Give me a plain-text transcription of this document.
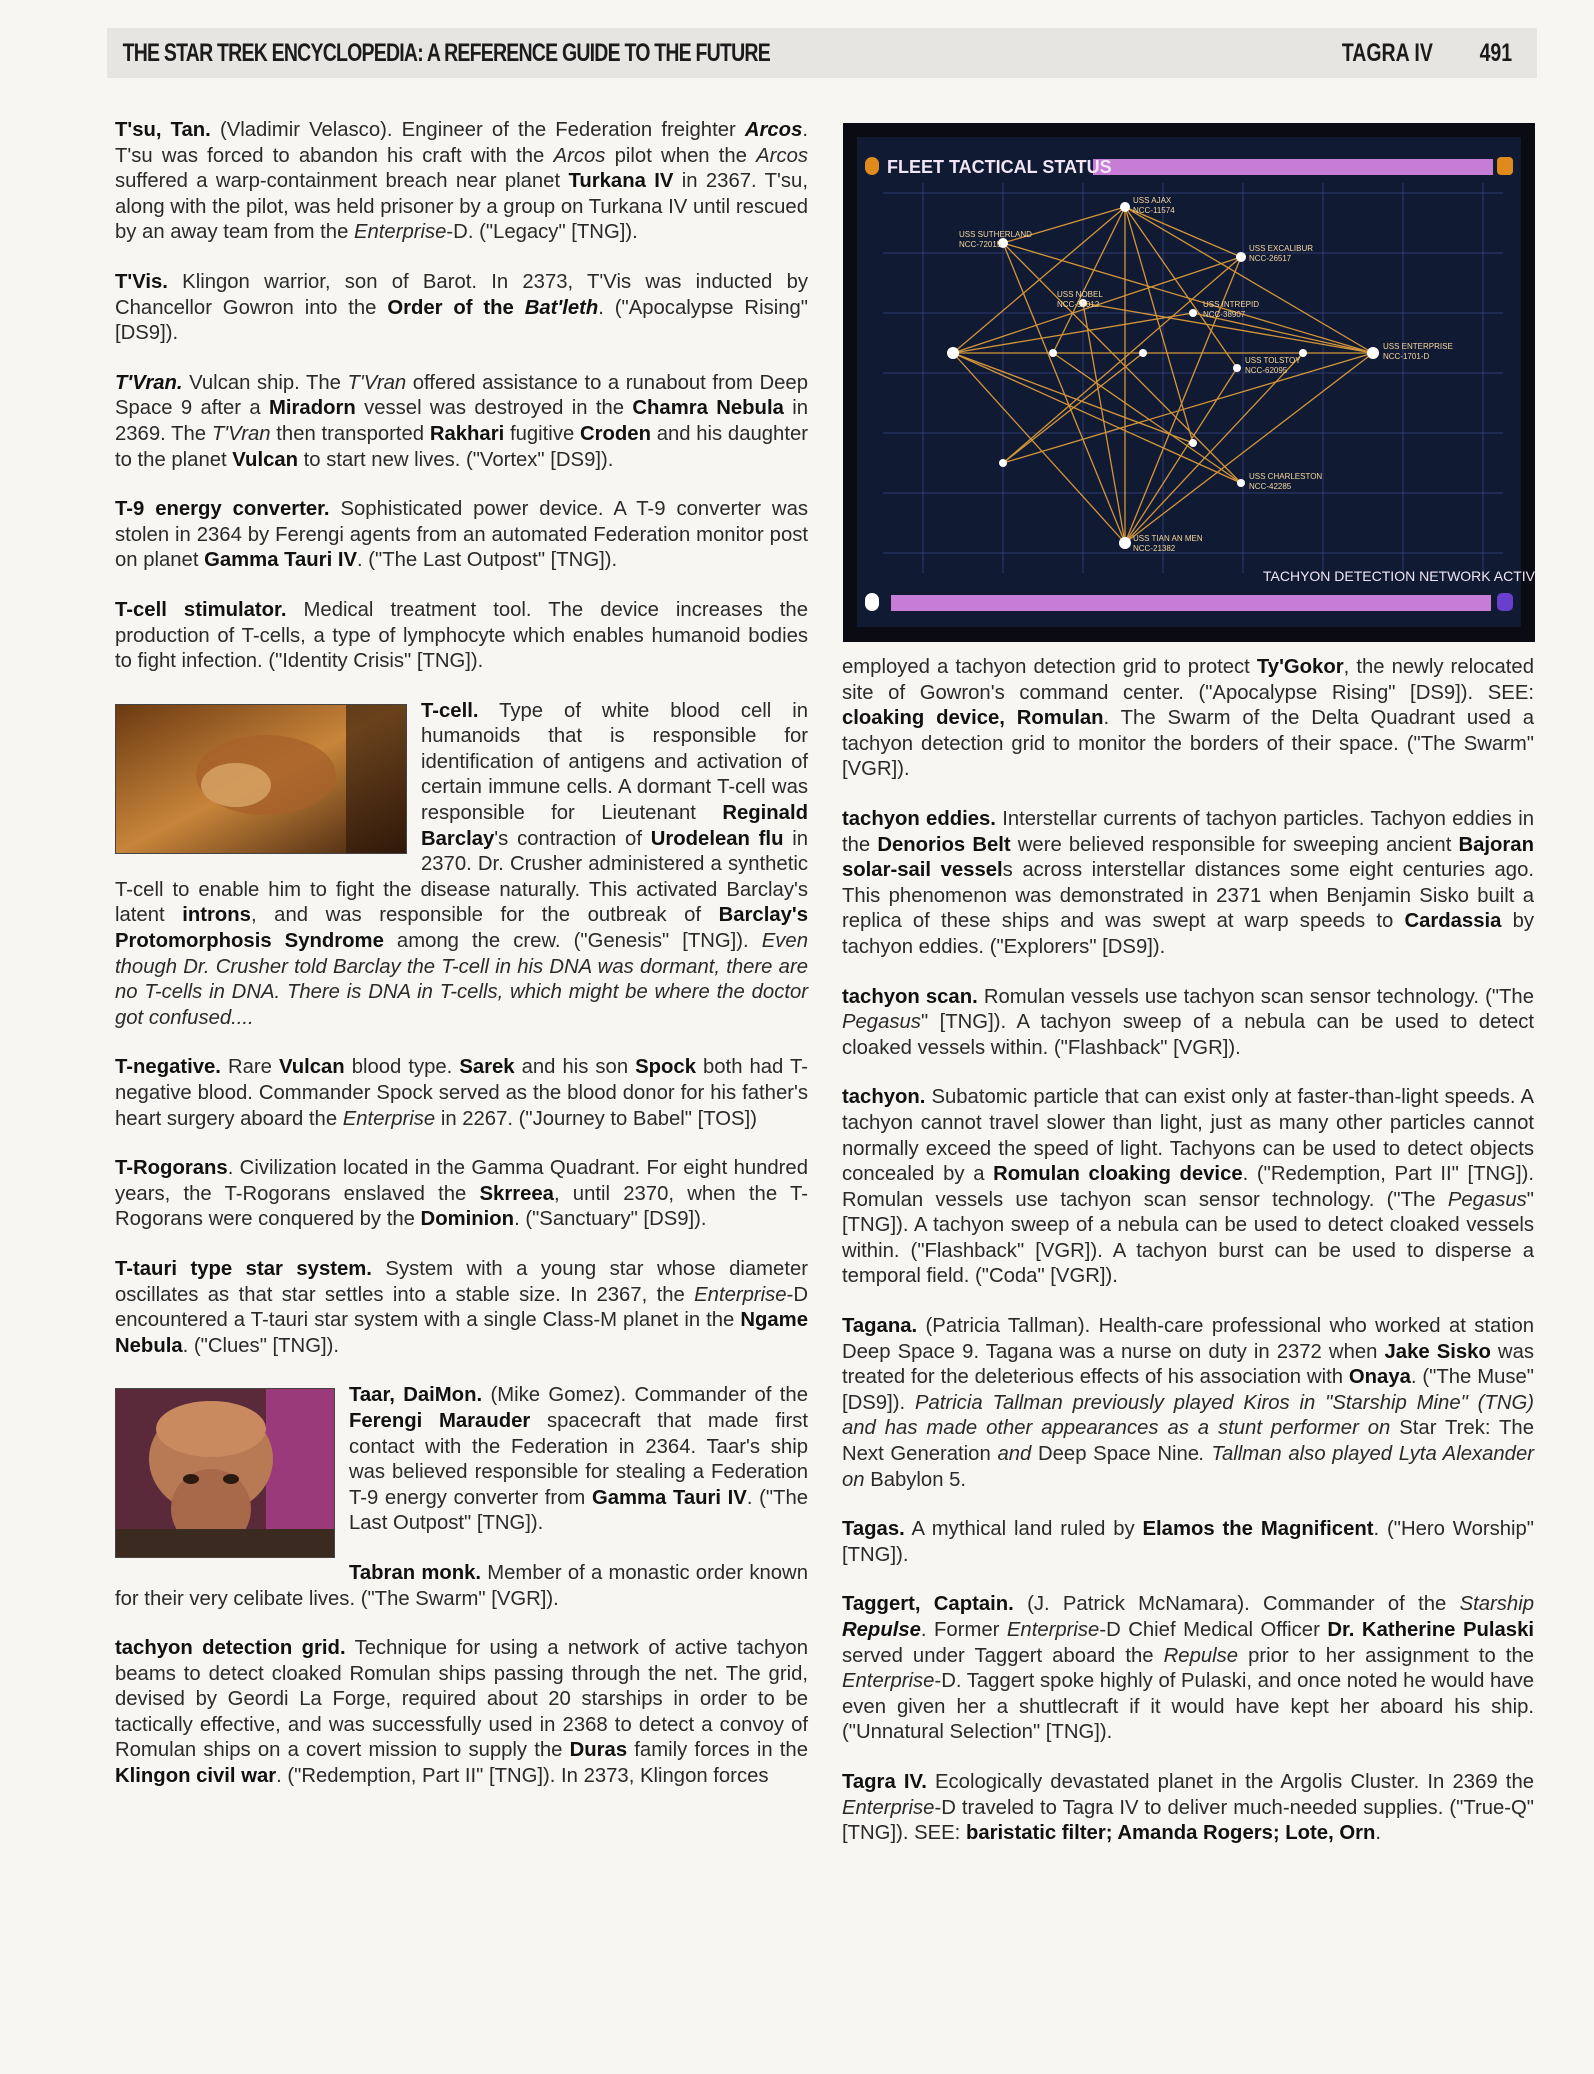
THE STAR TREK ENCYCLOPEDIA: A REFERENCE GUIDE TO THE FUTURE	TAGRA IV 491
FLEET TACTICAL STATUS
USS AJAX
NCC-11574
USS SUTHERLAND
NCC-72015	USS EXCALIBUR
NCC-26517
USS NOBEL
NCC-55012	USS INTREPID
NCC-38907
USS TOLSTOY
NCC-62095
USS ENTERPRISE
NCC-1701-D
USS CHARLESTON
NCC-42285
USS TIAN AN MEN
NCC-21382
TACHYON DETECTION NETWORK ACTIVE

T'su, Tan. (Vladimir Velasco). Engineer of the Federation freighter Arcos. T'su was forced to abandon his craft with the Arcos pilot when the Arcos suffered a warp-containment breach near planet Turkana IV in 2367. T'su, along with the pilot, was held prisoner by a group on Turkana IV until rescued by an away team from the Enterprise-D. ("Legacy" [TNG]).

T'Vis. Klingon warrior, son of Barot. In 2373, T'Vis was inducted by Chancellor Gowron into the Order of the Bat'leth. ("Apocalypse Rising" [DS9]).

T'Vran. Vulcan ship. The T'Vran offered assistance to a runabout from Deep Space 9 after a Miradorn vessel was destroyed in the Chamra Nebula in 2369. The T'Vran then transported Rakhari fugitive Croden and his daughter to the planet Vulcan to start new lives. ("Vortex" [DS9]).

T-9 energy converter. Sophisticated power device. A T-9 converter was stolen in 2364 by Ferengi agents from an automated Federation monitor post on planet Gamma Tauri IV. ("The Last Outpost" [TNG]).

T-cell stimulator. Medical treatment tool. The device increases the production of T-cells, a type of lymphocyte which enables humanoid bodies to fight infection. ("Identity Crisis" [TNG]).

T-cell. Type of white blood cell in humanoids that is responsible for identification of antigens and activation of certain immune cells. A dormant T-cell was responsible for Lieutenant Reginald Barclay's contraction of Urodelean flu in 2370. Dr. Crusher administered a synthetic T-cell to enable him to fight the disease naturally. This activated Barclay's latent introns, and was responsible for the outbreak of Barclay's Protomorphosis Syndrome among the crew. ("Genesis" [TNG]). Even though Dr. Crusher told Barclay the T-cell in his DNA was dormant, there are no T-cells in DNA. There is DNA in T-cells, which might be where the doctor got confused....

T-negative. Rare Vulcan blood type. Sarek and his son Spock both had T-negative blood. Commander Spock served as the blood donor for his father's heart surgery aboard the Enterprise in 2267. ("Journey to Babel" [TOS])

T-Rogorans. Civilization located in the Gamma Quadrant. For eight hundred years, the T-Rogorans enslaved the Skrreea, until 2370, when the T-Rogorans were conquered by the Dominion. ("Sanctuary" [DS9]).

T-tauri type star system. System with a young star whose diameter oscillates as that star settles into a stable size. In 2367, the Enterprise-D encountered a T-tauri star system with a single Class-M planet in the Ngame Nebula. ("Clues" [TNG]).

Taar, DaiMon. (Mike Gomez). Commander of the Ferengi Marauder spacecraft that made first contact with the Federation in 2364. Taar's ship was believed responsible for stealing a Federation T-9 energy converter from Gamma Tauri IV. ("The Last Outpost" [TNG]).

Tabran monk. Member of a monastic order known for their very celibate lives. ("The Swarm" [VGR]).

tachyon detection grid. Technique for using a network of active tachyon beams to detect cloaked Romulan ships passing through the net. The grid, devised by Geordi La Forge, required about 20 starships in order to be tactically effective, and was successfully used in 2368 to detect a convoy of Romulan ships on a covert mission to supply the Duras family forces in the Klingon civil war. ("Redemption, Part II" [TNG]). In 2373, Klingon forces

employed a tachyon detection grid to protect Ty'Gokor, the newly relocated site of Gowron's command center. ("Apocalypse Rising" [DS9]). SEE: cloaking device, Romulan. The Swarm of the Delta Quadrant used a tachyon detection grid to monitor the borders of their space. ("The Swarm" [VGR]).

tachyon eddies. Interstellar currents of tachyon particles. Tachyon eddies in the Denorios Belt were believed responsible for sweeping ancient Bajoran solar-sail vessels across interstellar distances some eight centuries ago. This phenomenon was demonstrated in 2371 when Benjamin Sisko built a replica of these ships and was swept at warp speeds to Cardassia by tachyon eddies. ("Explorers" [DS9]).

tachyon scan. Romulan vessels use tachyon scan sensor technology. ("The Pegasus" [TNG]). A tachyon sweep of a nebula can be used to detect cloaked vessels within. ("Flashback" [VGR]).

tachyon. Subatomic particle that can exist only at faster-than-light speeds. A tachyon cannot travel slower than light, just as many other particles cannot normally exceed the speed of light. Tachyons can be used to detect objects concealed by a Romulan cloaking device. ("Redemption, Part II" [TNG]). Romulan vessels use tachyon scan sensor technology. ("The Pegasus" [TNG]). A tachyon sweep of a nebula can be used to detect cloaked vessels within. ("Flashback" [VGR]). A tachyon burst can be used to disperse a temporal field. ("Coda" [VGR]).

Tagana. (Patricia Tallman). Health-care professional who worked at station Deep Space 9. Tagana was a nurse on duty in 2372 when Jake Sisko was treated for the deleterious effects of his association with Onaya. ("The Muse" [DS9]). Patricia Tallman previously played Kiros in "Starship Mine" (TNG) and has made other appearances as a stunt performer on Star Trek: The Next Generation and Deep Space Nine. Tallman also played Lyta Alexander on Babylon 5.

Tagas. A mythical land ruled by Elamos the Magnificent. ("Hero Worship" [TNG]).

Taggert, Captain. (J. Patrick McNamara). Commander of the Starship Repulse. Former Enterprise-D Chief Medical Officer Dr. Katherine Pulaski served under Taggert aboard the Repulse prior to her assignment to the Enterprise-D. Taggert spoke highly of Pulaski, and once noted he would have even given her a shuttlecraft if it would have kept her aboard his ship. ("Unnatural Selection" [TNG]).

Tagra IV. Ecologically devastated planet in the Argolis Cluster. In 2369 the Enterprise-D traveled to Tagra IV to deliver much-needed supplies. ("True-Q" [TNG]). SEE: baristatic filter; Amanda Rogers; Lote, Orn.
